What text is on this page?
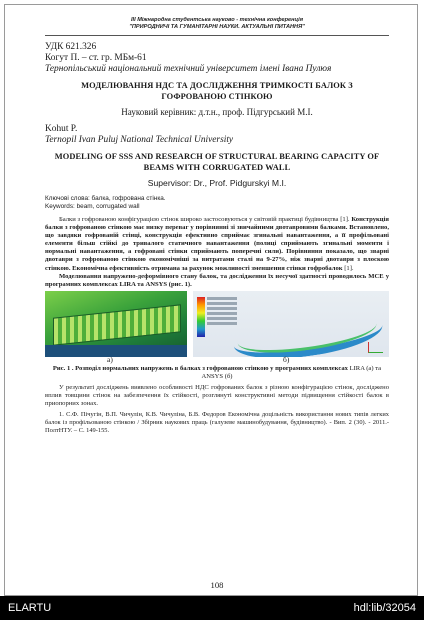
ІІІ Міжнародна студентська науково - технічна конференція
"ПРИРОДНИЧІ ТА ГУМАНІТАРНІ НАУКИ. АКТУАЛЬНІ ПИТАННЯ"
УДК 621.326
Когут П. – ст. гр. МБм-61
Тернопільський національний технічний університет імені Івана Пулюя
МОДЕЛЮВАННЯ НДС ТА ДОСЛІДЖЕННЯ ТРИМКОСТІ БАЛОК З ГОФРОВАНОЮ СТІНКОЮ
Науковий керівник: д.т.н., проф. Підгурський М.І.
Kohut P.
Ternopil Ivan Puluj National Technical University
MODELING OF SSS AND RESEARCH OF STRUCTURAL BEARING CAPACITY OF BEAMS WITH CORRUGATED WALL
Supervisor: Dr., Prof. Pidgurskyi M.I.
Ключові слова: балка, гофрована стінка.
Keywords: beam, corrugated wall
Балки з гофрованою конфігурацією стінок широко застосовуються у світовій практиці будівництва [1]. Конструкція балки з гофрованою стінкою має низку переваг у порівнянні зі звичайними двотавровими балками. Встановлено, що завдяки гофрованій стінці, конструкція ефективно сприймає згинальні навантаження, а її профільовані елементи більш стійкі до тривалого статичного навантаження (полиці сприймають згинальні моменти і нормальні навантаження, а гофровані стінки сприймають поперечні сили). Порівняння показало, що зварні двотаври з гофрованою стінкою економічніші за витратами сталі на 9-27%, ніж зварні двотаври з плоскою стінкою. Економічна ефективність отримана за рахунок можливості зменшення стінки гофробалок [1].
Моделювання напружено-деформівного стану балок, та дослідження їх несучої здатності проводилось МСЕ у програмних комплексах LIRA та ANSYS (рис. 1).
а)	б)
Рис. 1 . Розподіл нормальних напружень в балках з гофрованою стінкою у програмних комплексах LIRA (а) та ANSYS (б)
У результаті досліджень виявлено особливості НДС гофрованих балок з різною конфігурацією стінок, досліджено вплив товщини стінок на забезпечення їх стійкості, розглянуті конструктивні методи підвищення стійкості балок в приопорних зонах.
1. С.Ф. Пічугін, В.П. Чичулін, К.В. Чичуліна, Б.В. Федоров Економічна доцільність використання нових типів легких балок із профільованою стінкою / Збірник наукових праць (галузеве машинобудування, будівництво). - Вип. 2 (30). - 2011.- ПолтНТУ. – С. 149-155.
108
ELARTU	hdl:lib/32054
